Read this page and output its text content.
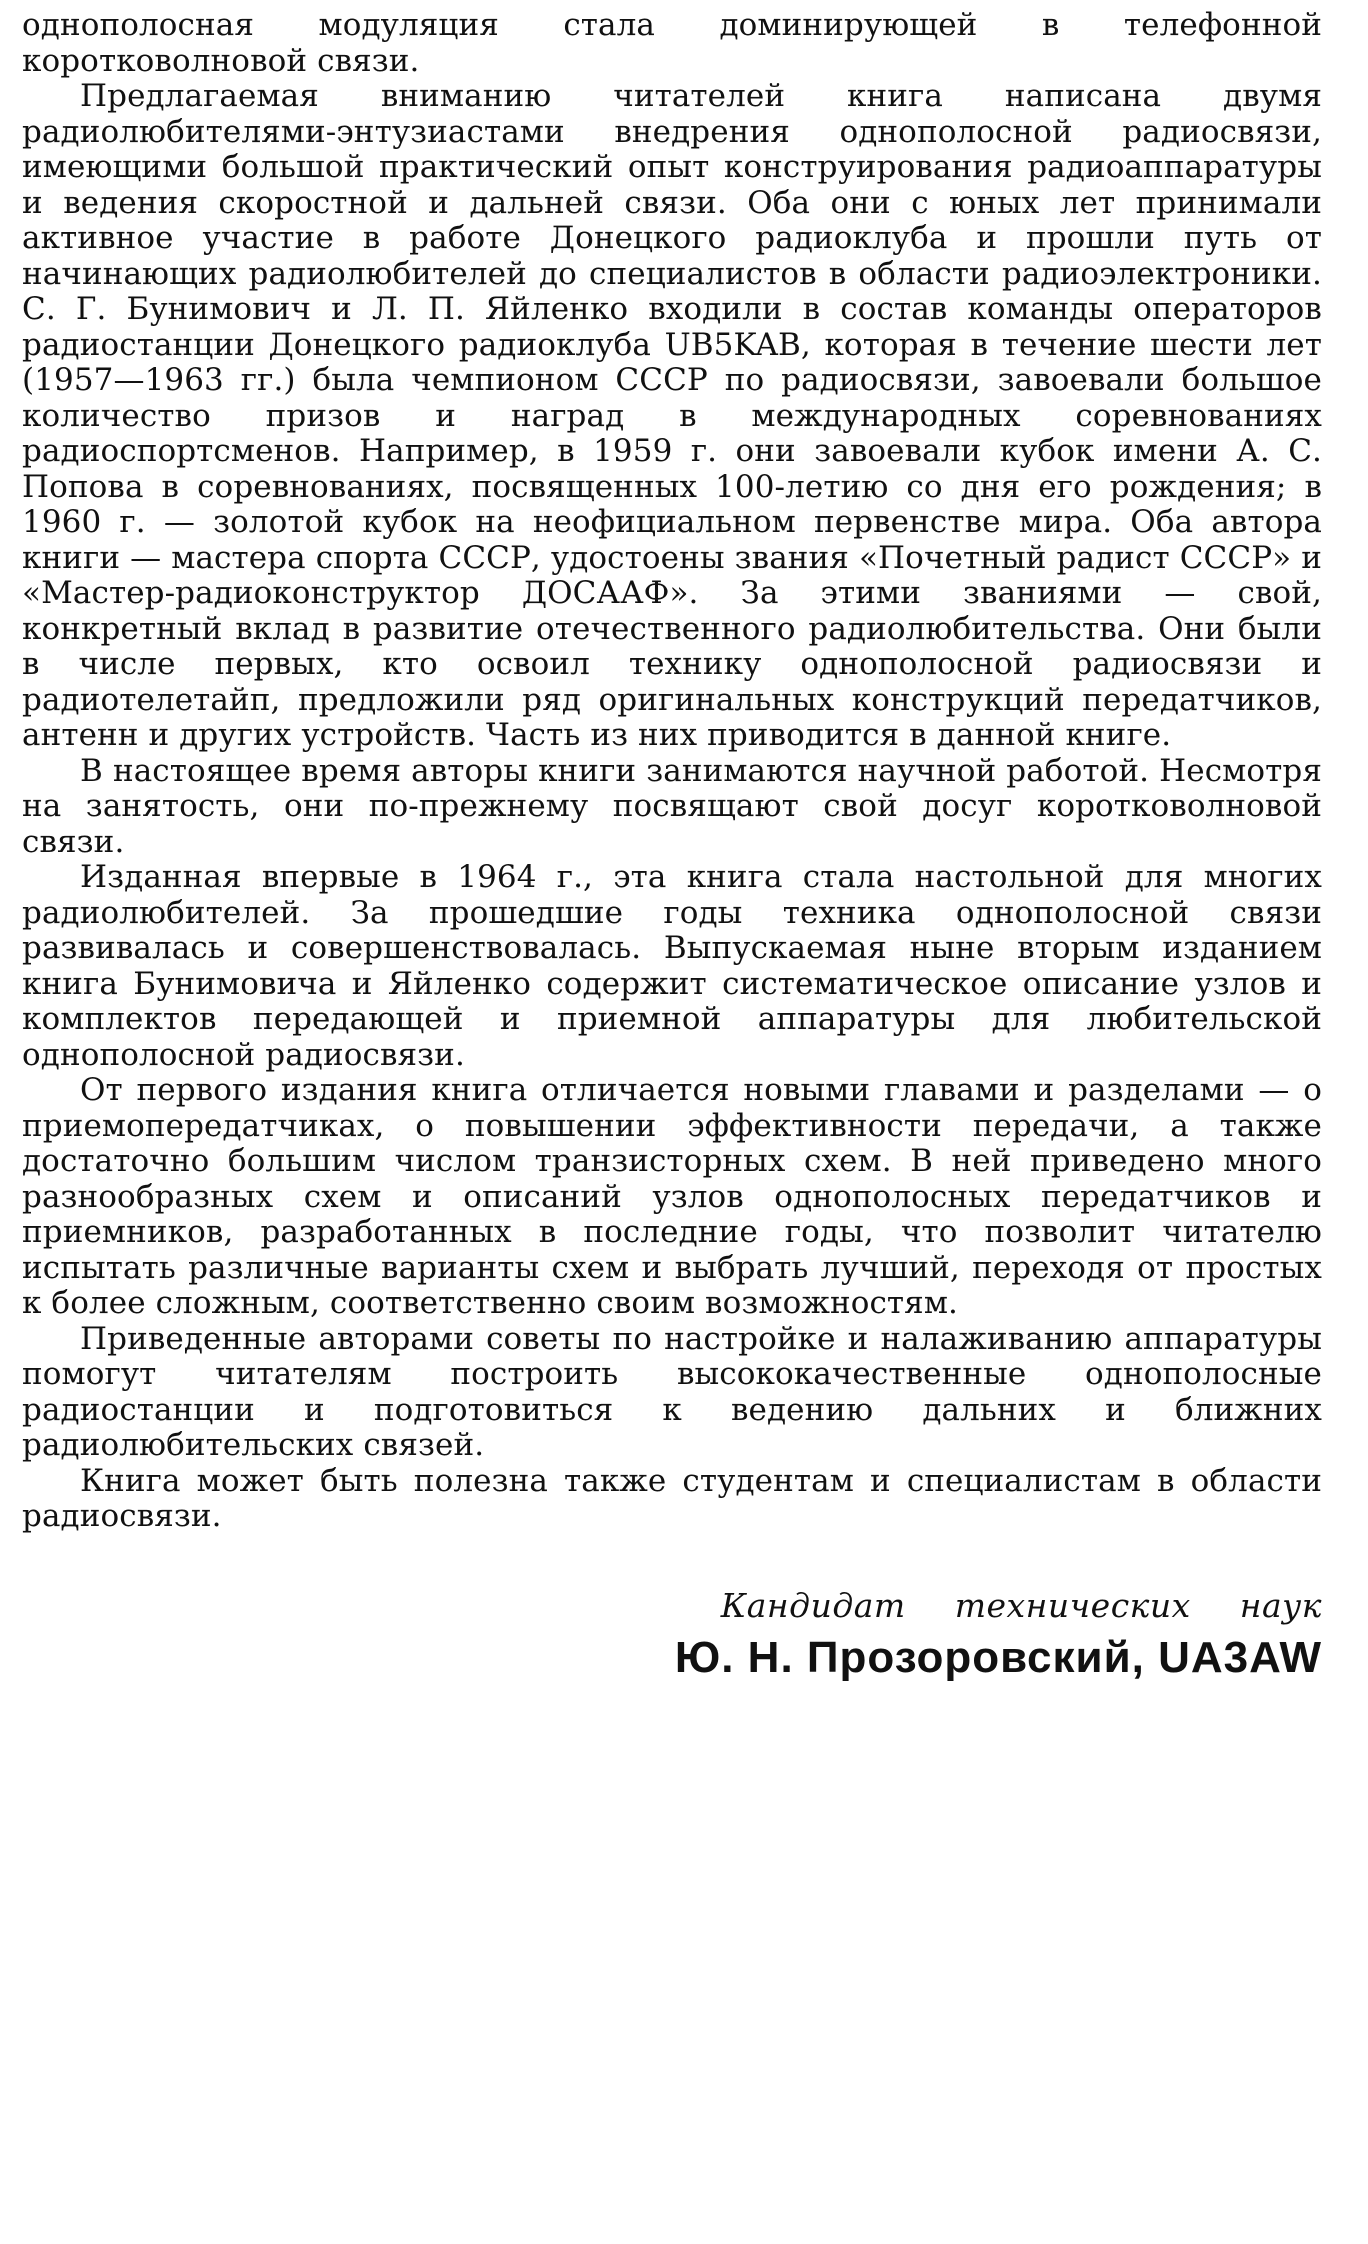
однополосная модуляция стала доминирующей в телефонной коротковолновой связи.

Предлагаемая вниманию читателей книга написана двумя радиолюбителями-энтузиастами внедрения однополосной радиосвязи, имеющими большой практический опыт конструирования радиоаппаратуры и ведения скоростной и дальней связи. Оба они с юных лет принимали активное участие в работе Донецкого радиоклуба и прошли путь от начинающих радиолюбителей до специалистов в области радиоэлектроники. С. Г. Бунимович и Л. П. Яйленко входили в состав команды операторов радиостанции Донецкого радиоклуба UB5KAB, которая в течение шести лет (1957—1963 гг.) была чемпионом СССР по радиосвязи, завоевали большое количество призов и наград в международных соревнованиях радиоспортсменов. Например, в 1959 г. они завоевали кубок имени А. С. Попова в соревнованиях, посвященных 100-летию со дня его рождения; в 1960 г. — золотой кубок на неофициальном первенстве мира. Оба автора книги — мастера спорта СССР, удостоены звания «Почетный радист СССР» и «Мастер-радиоконструктор ДОСААФ». За этими званиями — свой, конкретный вклад в развитие отечественного радиолюбительства. Они были в числе первых, кто освоил технику однополосной радиосвязи и радиотелетайп, предложили ряд оригинальных конструкций передатчиков, антенн и других устройств. Часть из них приводится в данной книге.

В настоящее время авторы книги занимаются научной работой. Несмотря на занятость, они по-прежнему посвящают свой досуг коротковолновой связи.

Изданная впервые в 1964 г., эта книга стала настольной для многих радиолюбителей. За прошедшие годы техника однополосной связи развивалась и совершенствовалась. Выпускаемая ныне вторым изданием книга Бунимовича и Яйленко содержит систематическое описание узлов и комплектов передающей и приемной аппаратуры для любительской однополосной радиосвязи.

От первого издания книга отличается новыми главами и разделами — о приемопередатчиках, о повышении эффективности передачи, а также достаточно большим числом транзисторных схем. В ней приведено много разнообразных схем и описаний узлов однополосных передатчиков и приемников, разработанных в последние годы, что позволит читателю испытать различные варианты схем и выбрать лучший, переходя от простых к более сложным, соответственно своим возможностям.

Приведенные авторами советы по настройке и налаживанию аппаратуры помогут читателям построить высококачественные однополосные радиостанции и подготовиться к ведению дальних и ближних радиолюбительских связей.

Книга может быть полезна также студентам и специалистам в области радиосвязи.

Кандидат технических наук
Ю. Н. Прозоровский, UA3AW
